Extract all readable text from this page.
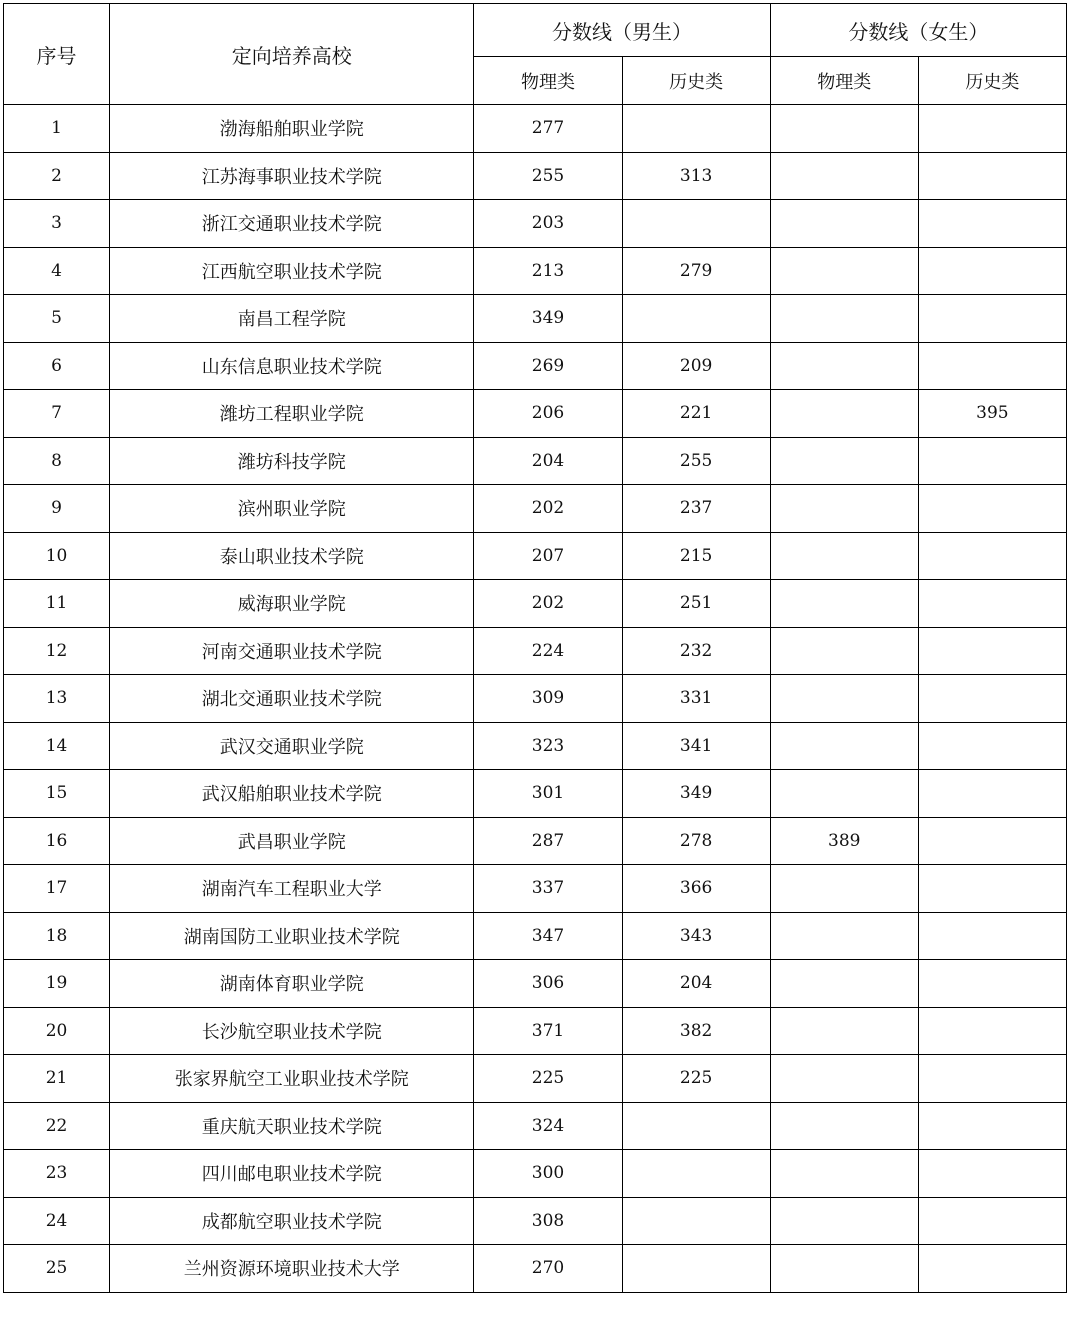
序号	定向培养高校	分数线（男生）		分数线（女生）	
		物理类	历史类	物理类	历史类
1	渤海船舶职业学院	277			
2	江苏海事职业技术学院	255	313		
3	浙江交通职业技术学院	203			
4	江西航空职业技术学院	213	279		
5	南昌工程学院	349			
6	山东信息职业技术学院	269	209		
7	潍坊工程职业学院	206	221		395
8	潍坊科技学院	204	255		
9	滨州职业学院	202	237		
10	泰山职业技术学院	207	215		
11	威海职业学院	202	251		
12	河南交通职业技术学院	224	232		
13	湖北交通职业技术学院	309	331		
14	武汉交通职业学院	323	341		
15	武汉船舶职业技术学院	301	349		
16	武昌职业学院	287	278	389	
17	湖南汽车工程职业大学	337	366		
18	湖南国防工业职业技术学院	347	343		
19	湖南体育职业学院	306	204		
20	长沙航空职业技术学院	371	382		
21	张家界航空工业职业技术学院	225	225		
22	重庆航天职业技术学院	324			
23	四川邮电职业技术学院	300			
24	成都航空职业技术学院	308			
25	兰州资源环境职业技术大学	270			
